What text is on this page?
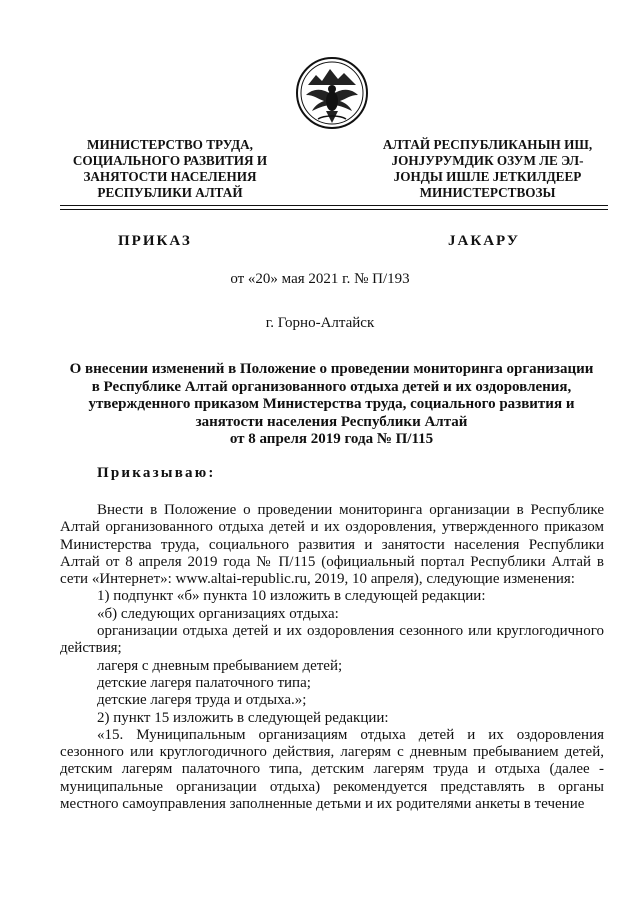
МИНИСТЕРСТВО ТРУДА,
СОЦИАЛЬНОГО РАЗВИТИЯ И
ЗАНЯТОСТИ НАСЕЛЕНИЯ
РЕСПУБЛИКИ АЛТАЙ
АЛТАЙ РЕСПУБЛИКАНЫН ИШ,
ЈОНЈУРУМДИК ОЗУМ ЛЕ ЭЛ-
ЈОНДЫ ИШЛЕ ЈЕТКИЛДЕЕР
МИНИСТЕРСТВОЗЫ
ПРИКАЗ	ЈАКАРУ
от «20» мая 2021 г. № П/193
г. Горно-Алтайск
О внесении изменений в Положение о проведении мониторинга организации
в Республике Алтай организованного отдыха детей и их оздоровления,
утвержденного приказом Министерства труда, социального развития и
занятости населения Республики Алтай
от 8 апреля 2019 года № П/115
Приказываю:

Внести в Положение о проведении мониторинга организации в Республике Алтай организованного отдыха детей и их оздоровления, утвержденного приказом Министерства труда, социального развития и занятости населения Республики Алтай от 8 апреля 2019 года № П/115 (официальный портал Республики Алтай в сети «Интернет»: www.altai-republic.ru, 2019, 10 апреля), следующие изменения:

1) подпункт «б» пункта 10 изложить в следующей редакции:

«б) следующих организациях отдыха:

организации отдыха детей и их оздоровления сезонного или круглогодичного действия;

лагеря с дневным пребыванием детей;

детские лагеря палаточного типа;

детские лагеря труда и отдыха.»;

2) пункт 15 изложить в следующей редакции:

«15. Муниципальным организациям отдыха детей и их оздоровления сезонного или круглогодичного действия, лагерям с дневным пребыванием детей, детским лагерям палаточного типа, детским лагерям труда и отдыха (далее - муниципальные организации отдыха) рекомендуется представлять в органы местного самоуправления заполненные детьми и их родителями анкеты в течение
